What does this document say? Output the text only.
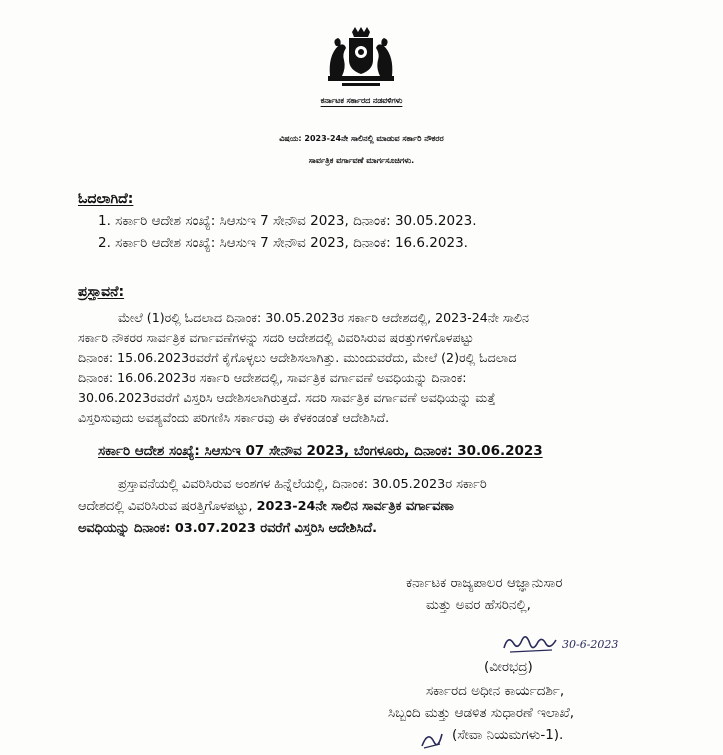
ಕರ್ನಾಟಕ ಸರ್ಕಾರದ ನಡವಳಿಗಳು
ವಿಷಯ: 2023-24ನೇ ಸಾಲಿನಲ್ಲಿ ಮಾಡುವ ಸರ್ಕಾರಿ ನೌಕರರ
ಸಾರ್ವತ್ರಿಕ ವರ್ಗಾವಣೆ ಮಾರ್ಗಸೂಚಿಗಳು.
ಓದಲಾಗಿದೆ:
1. ಸರ್ಕಾರಿ ಆದೇಶ ಸಂಖ್ಯೆ: ಸಿಆಸುಇ 7 ಸೇನೌವ 2023, ದಿನಾಂಕ: 30.05.2023.
2. ಸರ್ಕಾರಿ ಆದೇಶ ಸಂಖ್ಯೆ: ಸಿಆಸುಇ 7 ಸೇನೌವ 2023, ದಿನಾಂಕ: 16.6.2023.
ಪ್ರಸ್ತಾವನೆ:
ಮೇಲೆ (1)ರಲ್ಲಿ ಓದಲಾದ ದಿನಾಂಕ: 30.05.2023ರ ಸರ್ಕಾರಿ ಆದೇಶದಲ್ಲಿ, 2023-24ನೇ ಸಾಲಿನ
ಸರ್ಕಾರಿ ನೌಕರರ ಸಾರ್ವತ್ರಿಕ ವರ್ಗಾವಣೆಗಳನ್ನು ಸದರಿ ಆದೇಶದಲ್ಲಿ ವಿವರಿಸಿರುವ ಷರತ್ತುಗಳಿಗೊಳಪಟ್ಟು
ದಿನಾಂಕ: 15.06.2023ರವರೆಗೆ ಕೈಗೊಳ್ಳಲು ಆದೇಶಿಸಲಾಗಿತ್ತು. ಮುಂದುವರೆದು, ಮೇಲೆ (2)ರಲ್ಲಿ ಓದಲಾದ
ದಿನಾಂಕ: 16.06.2023ರ ಸರ್ಕಾರಿ ಆದೇಶದಲ್ಲಿ, ಸಾರ್ವತ್ರಿಕ ವರ್ಗಾವಣೆ ಅವಧಿಯನ್ನು ದಿನಾಂಕ:
30.06.2023ರವರೆಗೆ ವಿಸ್ತರಿಸಿ ಆದೇಶಿಸಲಾಗಿರುತ್ತದೆ. ಸದರಿ ಸಾರ್ವತ್ರಿಕ ವರ್ಗಾವಣೆ ಅವಧಿಯನ್ನು ಮತ್ತೆ
ವಿಸ್ತರಿಸುವುದು ಅವಶ್ಯವೆಂದು ಪರಿಗಣಿಸಿ ಸರ್ಕಾರವು ಈ ಕೆಳಕಂಡಂತೆ ಆದೇಶಿಸಿದೆ.
ಸರ್ಕಾರಿ ಆದೇಶ ಸಂಖ್ಯೆ: ಸಿಆಸುಇ 07 ಸೇನೌವ 2023, ಬೆಂಗಳೂರು, ದಿನಾಂಕ: 30.06.2023
ಪ್ರಸ್ತಾವನೆಯಲ್ಲಿ ವಿವರಿಸಿರುವ ಅಂಶಗಳ ಹಿನ್ನೆಲೆಯಲ್ಲಿ, ದಿನಾಂಕ: 30.05.2023ರ ಸರ್ಕಾರಿ
ಆದೇಶದಲ್ಲಿ ವಿವರಿಸಿರುವ ಷರತ್ತಿಗೊಳಪಟ್ಟು, 2023-24ನೇ ಸಾಲಿನ ಸಾರ್ವತ್ರಿಕ ವರ್ಗಾವಣಾ
ಅವಧಿಯನ್ನು ದಿನಾಂಕ: 03.07.2023 ರವರೆಗೆ ವಿಸ್ತರಿಸಿ ಆದೇಶಿಸಿದೆ.
ಕರ್ನಾಟಕ ರಾಜ್ಯಪಾಲರ ಆಜ್ಞಾನುಸಾರ
ಮತ್ತು ಅವರ ಹೆಸರಿನಲ್ಲಿ,
30-6-2023
(ವೀರಭದ್ರ)
ಸರ್ಕಾರದ ಅಧೀನ ಕಾರ್ಯದರ್ಶಿ,
ಸಿಬ್ಬಂದಿ ಮತ್ತು ಆಡಳಿತ ಸುಧಾರಣೆ ಇಲಾಖೆ,
(ಸೇವಾ ನಿಯಮಗಳು-1).
